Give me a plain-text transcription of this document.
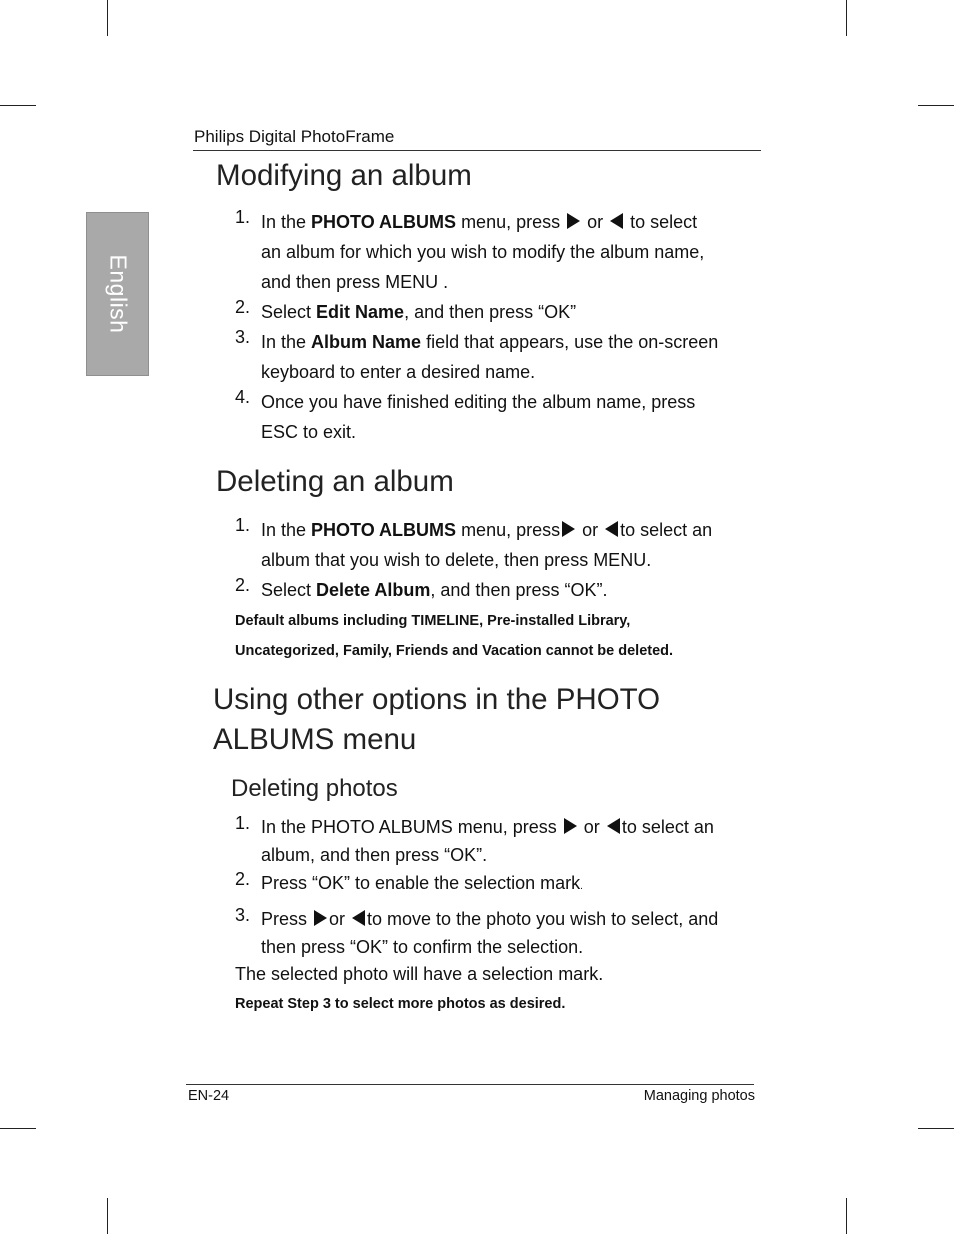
English
Philips Digital PhotoFrame
Modifying an album
1. In the PHOTO ALBUMS menu, press  or  to select
an album for which you wish to modify the album name,
and then press MENU .
2. Select Edit Name, and then press “OK”
3. In the Album Name field that appears, use the on-screen
keyboard to enter a desired name.
4. Once you have finished editing the album name, press
ESC to exit.
Deleting an album
1. In the PHOTO ALBUMS menu, press or to select an
album that you wish to delete, then press MENU.
2. Select Delete Album, and then press “OK”.
Default albums including TIMELINE, Pre-installed Library,
Uncategorized, Family, Friends and Vacation cannot be deleted.
Using other options in the PHOTO
ALBUMS menu
Deleting photos
1. In the PHOTO ALBUMS menu, press  or to select an
album, and then press “OK”.
2. Press “OK” to enable the selection mark.
3. Press or to move to the photo you wish to select, and
then press “OK” to confirm the selection.
The selected photo will have a selection mark.
Repeat Step 3 to select more photos as desired.
EN-24	Managing photos
